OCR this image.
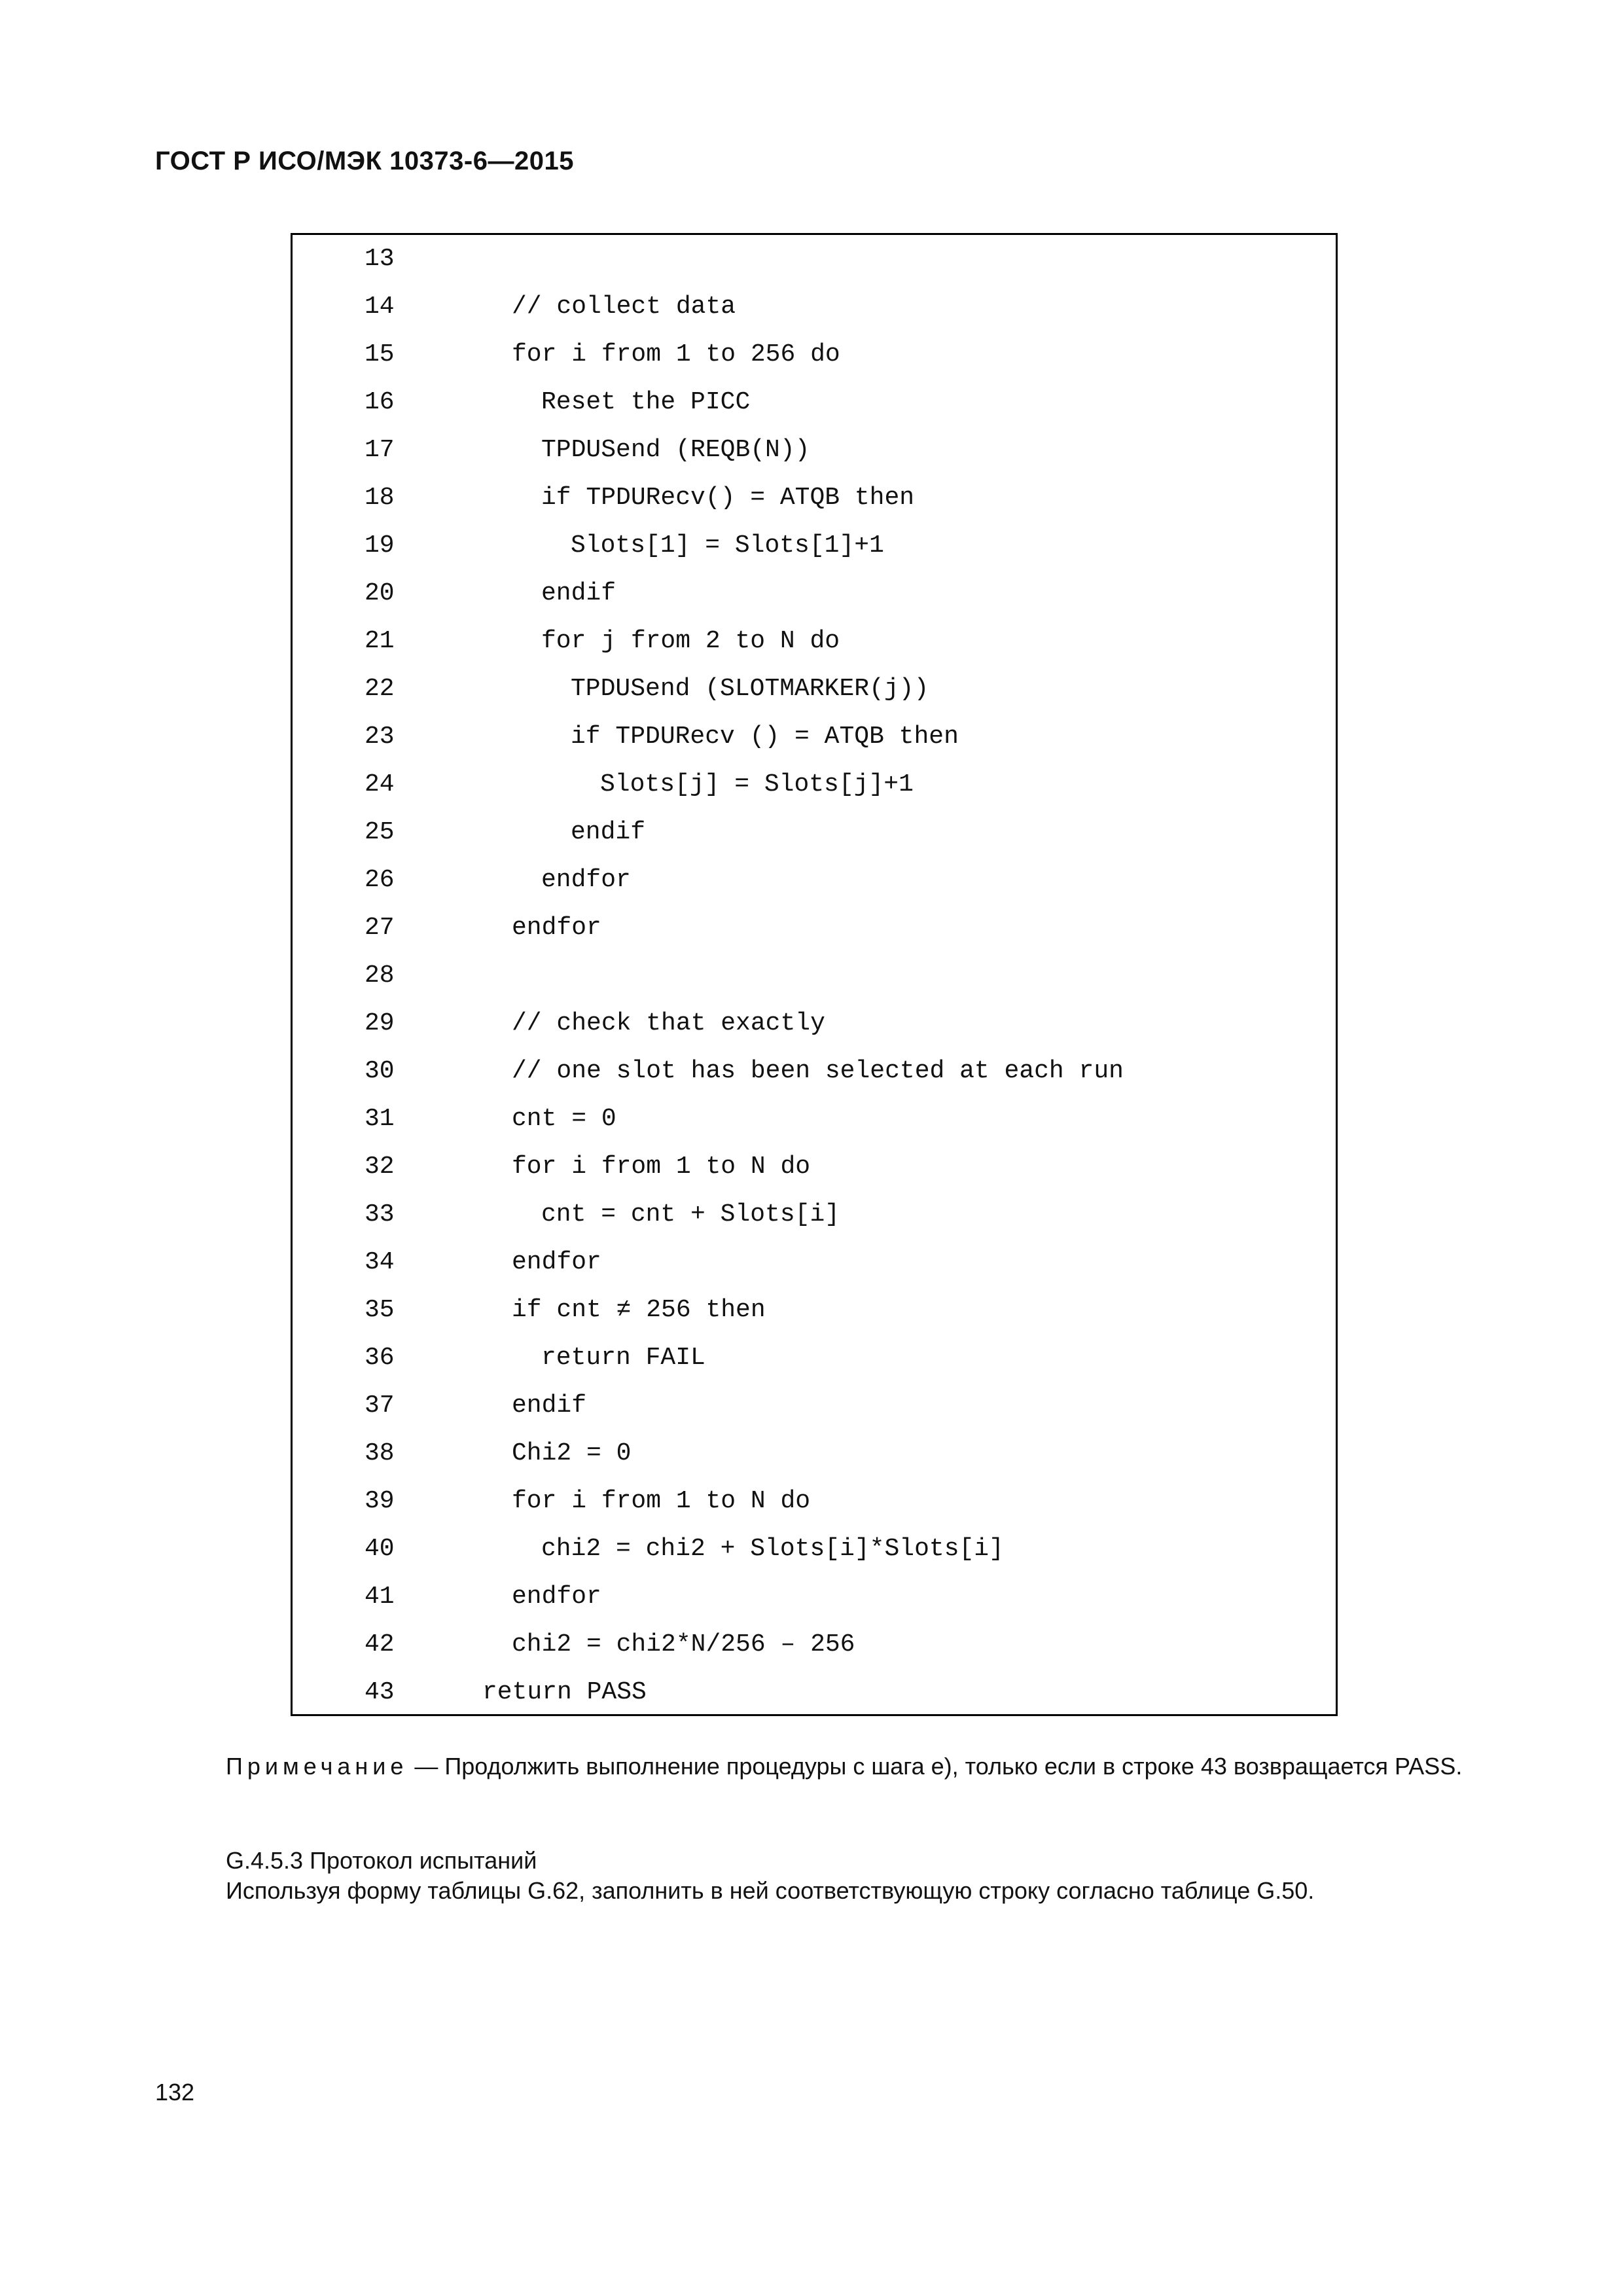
ГОСТ Р ИСО/МЭК 10373-6—2015
13
14	// collect data
15	for i from 1 to 256 do
16	Reset the PICC
17	TPDUSend (REQB(N))
18	if TPDURecv() = ATQB then
19	Slots[1] = Slots[1]+1
20	endif
21	for j from 2 to N do
22	TPDUSend (SLOTMARKER(j))
23	if TPDURecv () = ATQB then
24	Slots[j] = Slots[j]+1
25	endif
26	endfor
27	endfor
28
29	// check that exactly
30	// one slot has been selected at each run
31	cnt = 0
32	for i from 1 to N do
33	cnt = cnt + Slots[i]
34	endfor
35	if cnt ≠ 256 then
36	return FAIL
37	endif
38	Chi2 = 0
39	for i from 1 to N do
40	chi2 = chi2 + Slots[i]*Slots[i]
41	endfor
42	chi2 = chi2*N/256 – 256
43	return PASS
Примечание — Продолжить выполнение процедуры с шага e), только если в строке 43 возвращается PASS.
G.4.5.3 Протокол испытаний
Используя форму таблицы G.62, заполнить в ней соответствующую строку согласно таблице G.50.
132
